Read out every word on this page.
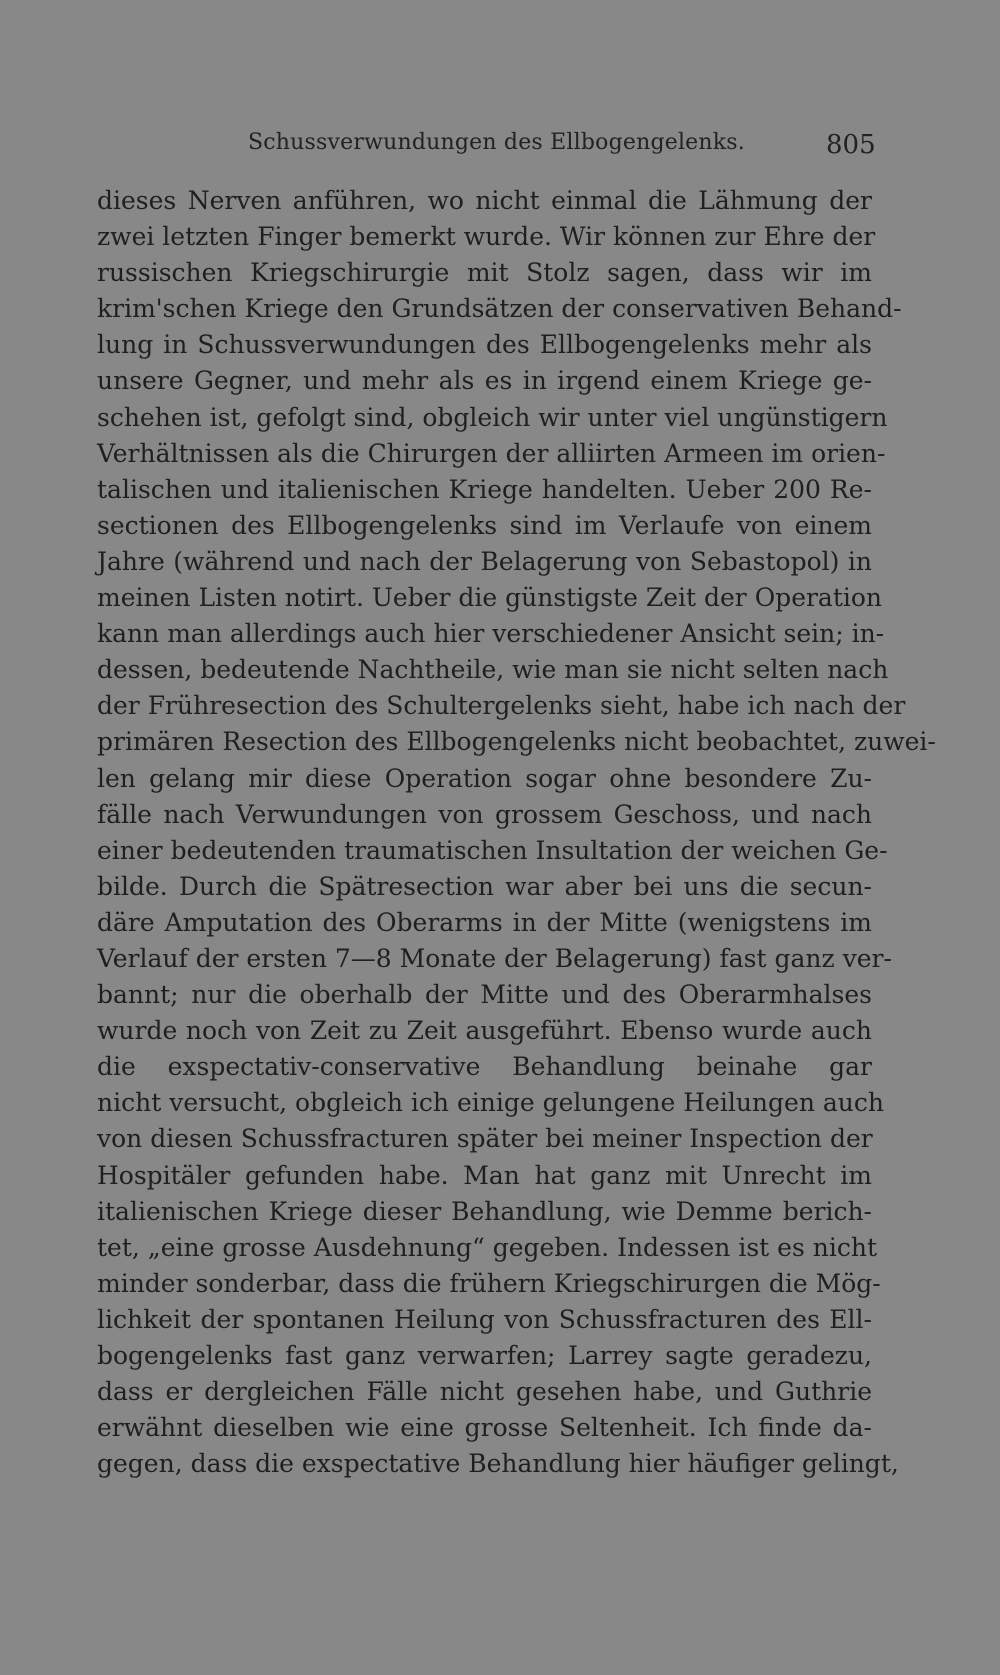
Schussverwundungen des Ellbogengelenks.	805
dieses Nerven anführen, wo nicht einmal die Lähmung der
zwei letzten Finger bemerkt wurde. Wir können zur Ehre der
russischen Kriegschirurgie mit Stolz sagen, dass wir im
krim'schen Kriege den Grundsätzen der conservativen Behand-
lung in Schussverwundungen des Ellbogengelenks mehr als
unsere Gegner, und mehr als es in irgend einem Kriege ge-
schehen ist, gefolgt sind, obgleich wir unter viel ungünstigern
Verhältnissen als die Chirurgen der alliirten Armeen im orien-
talischen und italienischen Kriege handelten. Ueber 200 Re-
sectionen des Ellbogengelenks sind im Verlaufe von einem
Jahre (während und nach der Belagerung von Sebastopol) in
meinen Listen notirt. Ueber die günstigste Zeit der Operation
kann man allerdings auch hier verschiedener Ansicht sein; in-
dessen, bedeutende Nachtheile, wie man sie nicht selten nach
der Frühresection des Schultergelenks sieht, habe ich nach der
primären Resection des Ellbogengelenks nicht beobachtet, zuwei-
len gelang mir diese Operation sogar ohne besondere Zu-
fälle nach Verwundungen von grossem Geschoss, und nach
einer bedeutenden traumatischen Insultation der weichen Ge-
bilde. Durch die Spätresection war aber bei uns die secun-
däre Amputation des Oberarms in der Mitte (wenigstens im
Verlauf der ersten 7—8 Monate der Belagerung) fast ganz ver-
bannt; nur die oberhalb der Mitte und des Oberarmhalses
wurde noch von Zeit zu Zeit ausgeführt. Ebenso wurde auch
die exspectativ-conservative Behandlung beinahe gar
nicht versucht, obgleich ich einige gelungene Heilungen auch
von diesen Schussfracturen später bei meiner Inspection der
Hospitäler gefunden habe. Man hat ganz mit Unrecht im
italienischen Kriege dieser Behandlung, wie Demme berich-
tet, „eine grosse Ausdehnung“ gegeben. Indessen ist es nicht
minder sonderbar, dass die frühern Kriegschirurgen die Mög-
lichkeit der spontanen Heilung von Schussfracturen des Ell-
bogengelenks fast ganz verwarfen; Larrey sagte geradezu,
dass er dergleichen Fälle nicht gesehen habe, und Guthrie
erwähnt dieselben wie eine grosse Seltenheit. Ich finde da-
gegen, dass die exspectative Behandlung hier häufiger gelingt,
